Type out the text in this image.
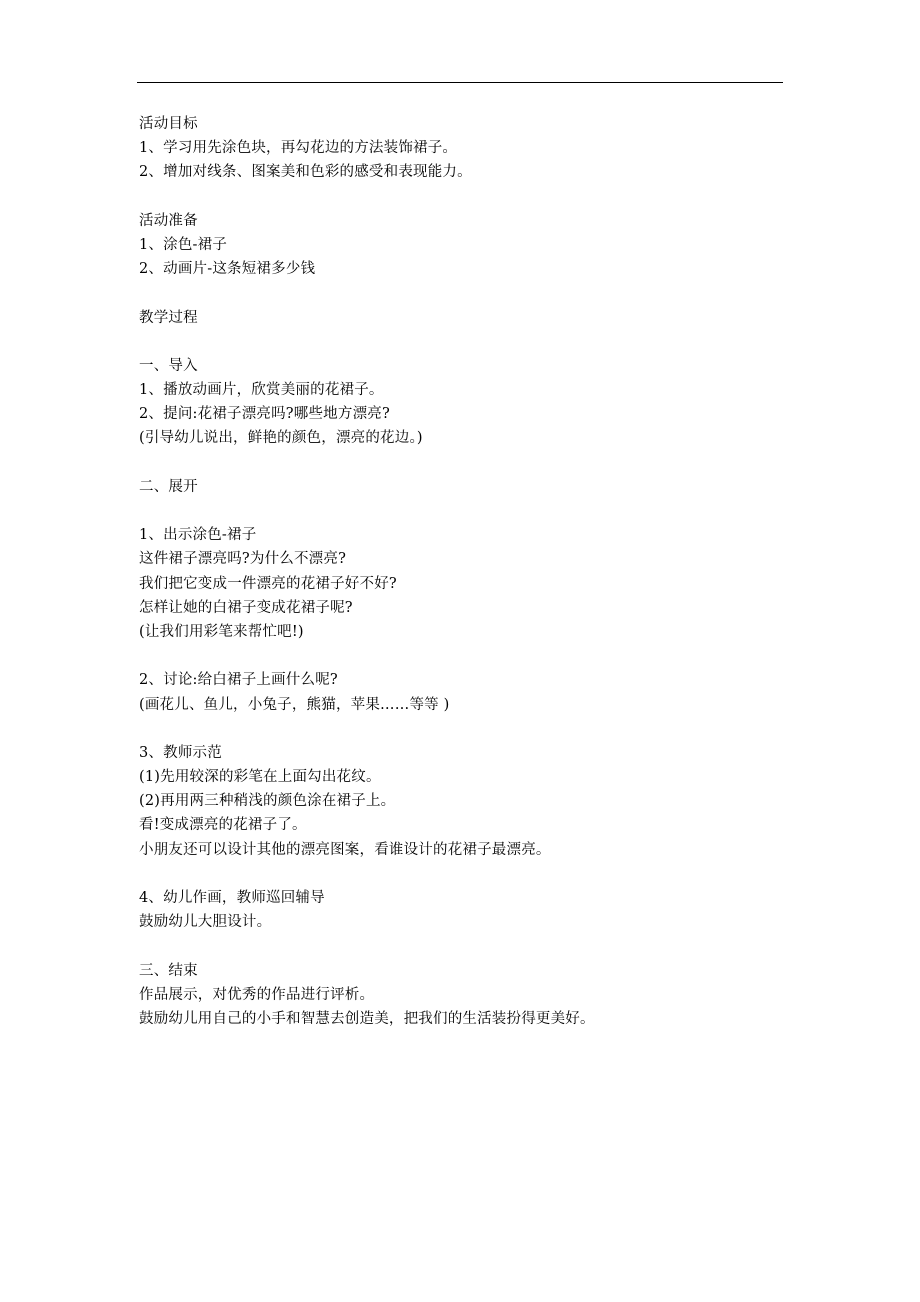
活动目标
1、学习用先涂色块，再勾花边的方法装饰裙子。
2、增加对线条、图案美和色彩的感受和表现能力。
活动准备
1、涂色-裙子
2、动画片-这条短裙多少钱
教学过程
一、导入
1、播放动画片，欣赏美丽的花裙子。
2、提问:花裙子漂亮吗?哪些地方漂亮?
(引导幼儿说出，鲜艳的颜色，漂亮的花边。)
二、展开
1、出示涂色-裙子
这件裙子漂亮吗?为什么不漂亮?
我们把它变成一件漂亮的花裙子好不好?
怎样让她的白裙子变成花裙子呢?
(让我们用彩笔来帮忙吧!)
2、讨论:给白裙子上画什么呢?
(画花儿、鱼儿，小兔子，熊猫，苹果……等等 )
3、教师示范
(1)先用较深的彩笔在上面勾出花纹。
(2)再用两三种稍浅的颜色涂在裙子上。
看!变成漂亮的花裙子了。
小朋友还可以设计其他的漂亮图案，看谁设计的花裙子最漂亮。
4、幼儿作画，教师巡回辅导
鼓励幼儿大胆设计。
三、结束
作品展示，对优秀的作品进行评析。
鼓励幼儿用自己的小手和智慧去创造美，把我们的生活装扮得更美好。
